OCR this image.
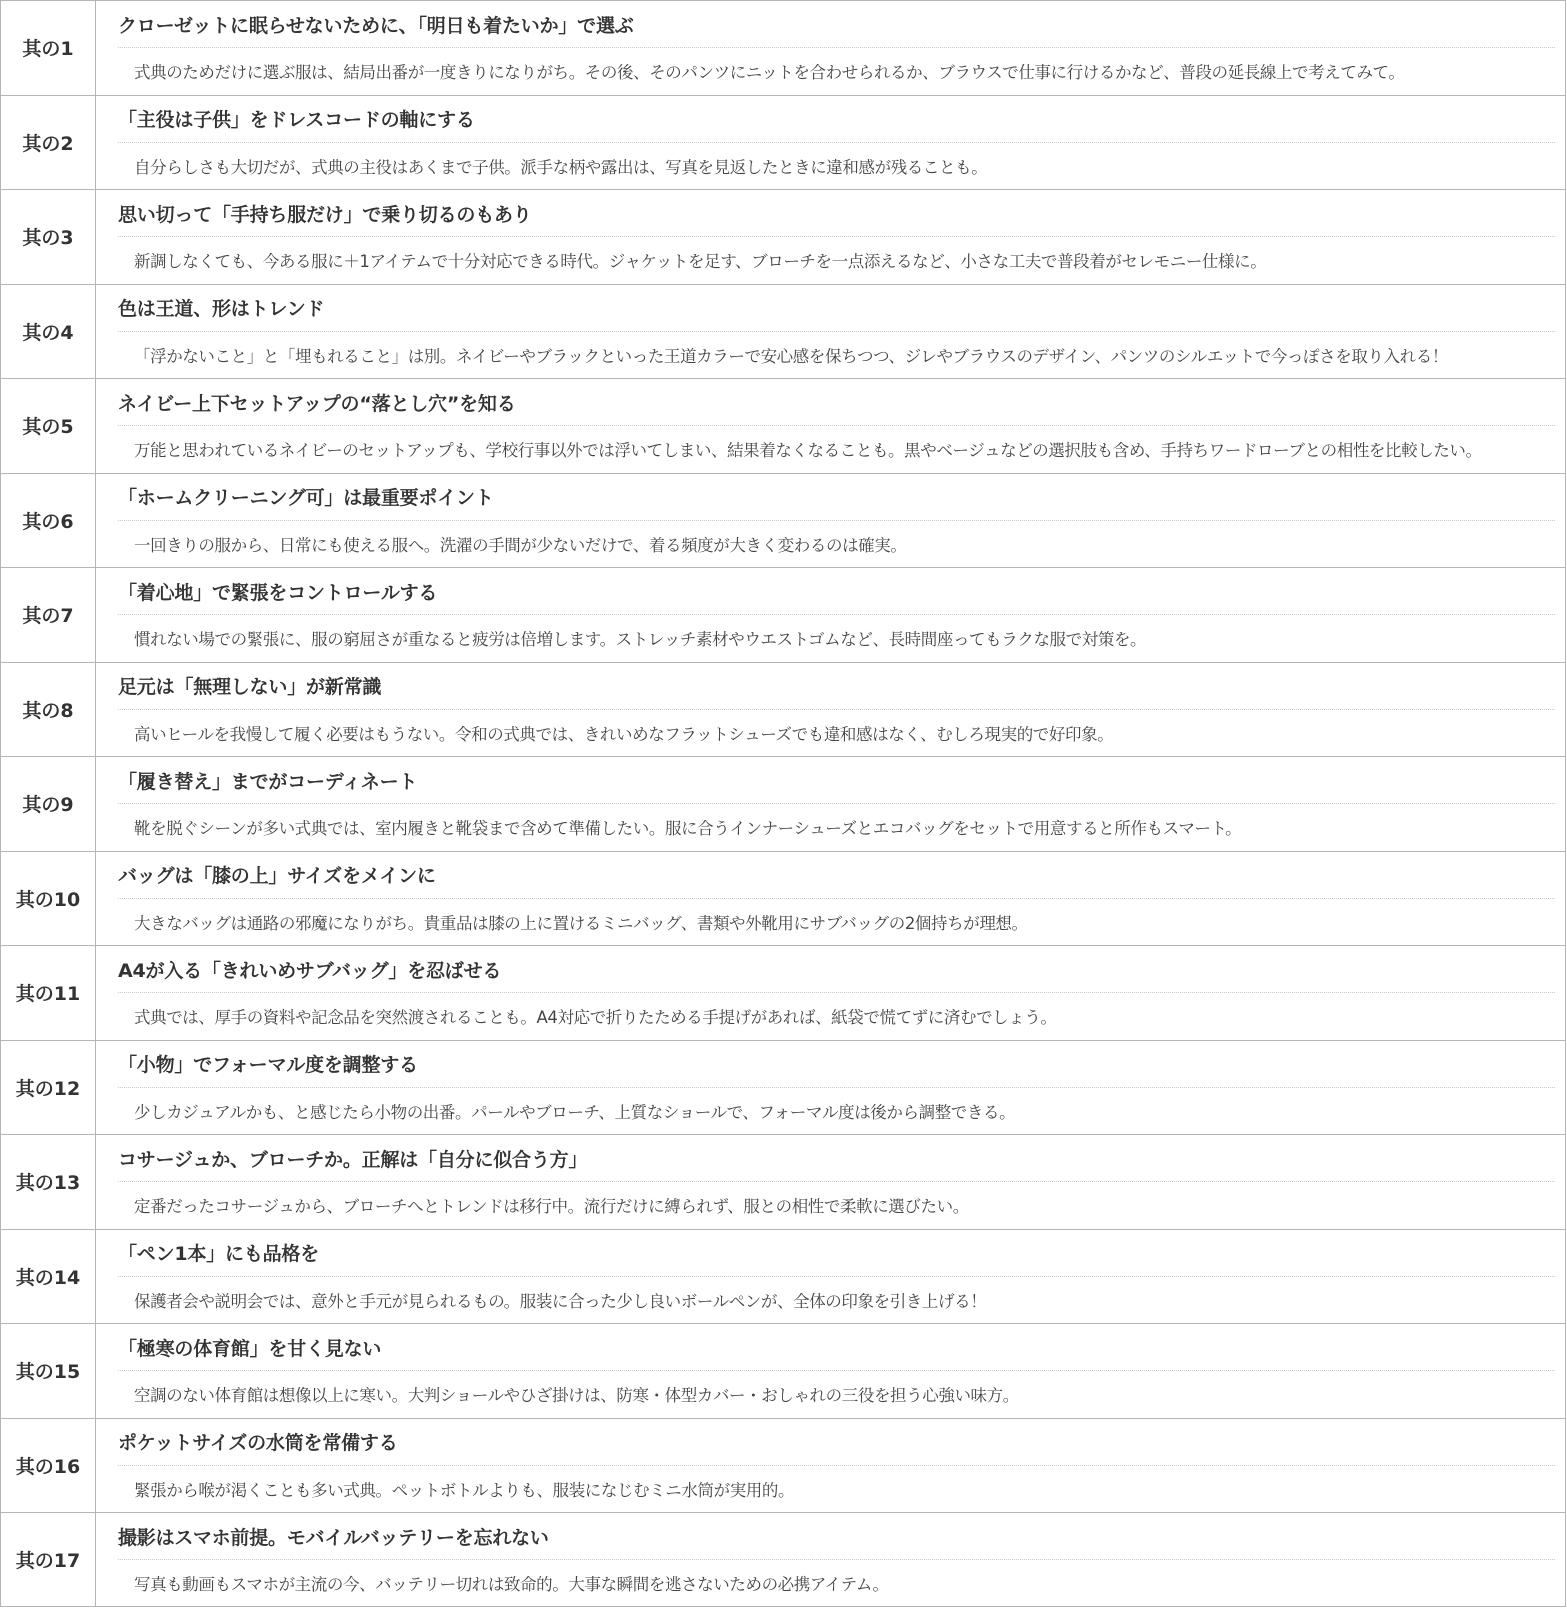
其の1
クローゼットに眠らせないために、「明日も着たいか」で選ぶ
式典のためだけに選ぶ服は、結局出番が一度きりになりがち。その後、そのパンツにニットを合わせられるか、ブラウスで仕事に行けるかなど、普段の延長線上で考えてみて。
其の2
「主役は子供」をドレスコードの軸にする
自分らしさも大切だが、式典の主役はあくまで子供。派手な柄や露出は、写真を見返したときに違和感が残ることも。
其の3
思い切って「手持ち服だけ」で乗り切るのもあり
新調しなくても、今ある服に＋1アイテムで十分対応できる時代。ジャケットを足す、ブローチを一点添えるなど、小さな工夫で普段着がセレモニー仕様に。
其の4
色は王道、形はトレンド
「浮かないこと」と「埋もれること」は別。ネイビーやブラックといった王道カラーで安心感を保ちつつ、ジレやブラウスのデザイン、パンツのシルエットで今っぽさを取り入れる！
其の5
ネイビー上下セットアップの“落とし穴”を知る
万能と思われているネイビーのセットアップも、学校行事以外では浮いてしまい、結果着なくなることも。黒やベージュなどの選択肢も含め、手持ちワードローブとの相性を比較したい。
其の6
「ホームクリーニング可」は最重要ポイント
一回きりの服から、日常にも使える服へ。洗濯の手間が少ないだけで、着る頻度が大きく変わるのは確実。
其の7
「着心地」で緊張をコントロールする
慣れない場での緊張に、服の窮屈さが重なると疲労は倍増します。ストレッチ素材やウエストゴムなど、長時間座ってもラクな服で対策を。
其の8
足元は「無理しない」が新常識
高いヒールを我慢して履く必要はもうない。令和の式典では、きれいめなフラットシューズでも違和感はなく、むしろ現実的で好印象。
其の9
「履き替え」までがコーディネート
靴を脱ぐシーンが多い式典では、室内履きと靴袋まで含めて準備したい。服に合うインナーシューズとエコバッグをセットで用意すると所作もスマート。
其の10
バッグは「膝の上」サイズをメインに
大きなバッグは通路の邪魔になりがち。貴重品は膝の上に置けるミニバッグ、書類や外靴用にサブバッグの2個持ちが理想。
其の11
A4が入る「きれいめサブバッグ」を忍ばせる
式典では、厚手の資料や記念品を突然渡されることも。A4対応で折りたためる手提げがあれば、紙袋で慌てずに済むでしょう。
其の12
「小物」でフォーマル度を調整する
少しカジュアルかも、と感じたら小物の出番。パールやブローチ、上質なショールで、フォーマル度は後から調整できる。
其の13
コサージュか、ブローチか。正解は「自分に似合う方」
定番だったコサージュから、ブローチへとトレンドは移行中。流行だけに縛られず、服との相性で柔軟に選びたい。
其の14
「ペン1本」にも品格を
保護者会や説明会では、意外と手元が見られるもの。服装に合った少し良いボールペンが、全体の印象を引き上げる！
其の15
「極寒の体育館」を甘く見ない
空調のない体育館は想像以上に寒い。大判ショールやひざ掛けは、防寒・体型カバー・おしゃれの三役を担う心強い味方。
其の16
ポケットサイズの水筒を常備する
緊張から喉が渇くことも多い式典。ペットボトルよりも、服装になじむミニ水筒が実用的。
其の17
撮影はスマホ前提。モバイルバッテリーを忘れない
写真も動画もスマホが主流の今、バッテリー切れは致命的。大事な瞬間を逃さないための必携アイテム。
